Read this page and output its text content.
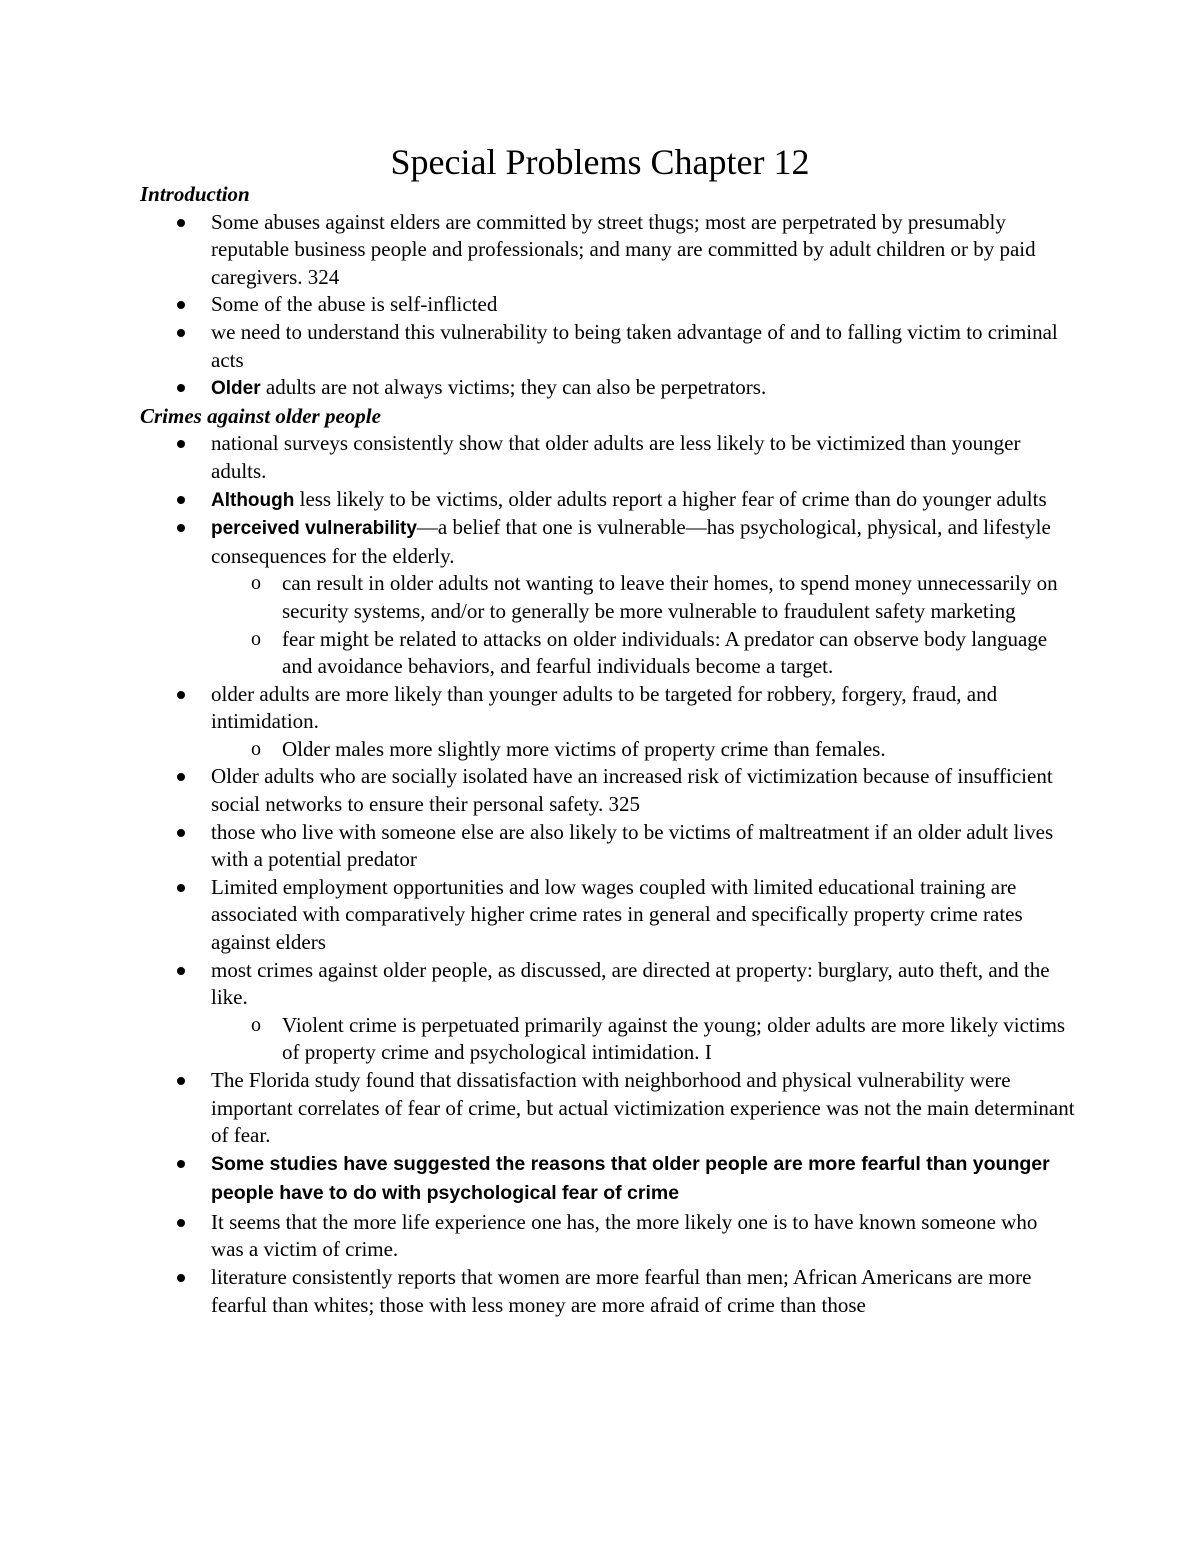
Special Problems Chapter 12

Introduction

Some abuses against elders are committed by street thugs; most are perpetrated by presumably reputable business people and professionals; and many are committed by adult children or by paid caregivers. 324
Some of the abuse is self-inflicted
we need to understand this vulnerability to being taken advantage of and to falling victim to criminal acts
Older adults are not always victims; they can also be perpetrators.

Crimes against older people

national surveys consistently show that older adults are less likely to be victimized than younger adults.
Although less likely to be victims, older adults report a higher fear of crime than do younger adults
perceived vulnerability—a belief that one is vulnerable—has psychological, physical, and lifestyle consequences for the elderly.
o can result in older adults not wanting to leave their homes, to spend money unnecessarily on security systems, and/or to generally be more vulnerable to fraudulent safety marketing
o fear might be related to attacks on older individuals: A predator can observe body language and avoidance behaviors, and fearful individuals become a target.
older adults are more likely than younger adults to be targeted for robbery, forgery, fraud, and intimidation.
o Older males more slightly more victims of property crime than females.
Older adults who are socially isolated have an increased risk of victimization because of insufficient social networks to ensure their personal safety. 325
those who live with someone else are also likely to be victims of maltreatment if an older adult lives with a potential predator
Limited employment opportunities and low wages coupled with limited educational training are associated with comparatively higher crime rates in general and specifically property crime rates against elders
most crimes against older people, as discussed, are directed at property: burglary, auto theft, and the like.
o Violent crime is perpetuated primarily against the young; older adults are more likely victims of property crime and psychological intimidation. I
The Florida study found that dissatisfaction with neighborhood and physical vulnerability were important correlates of fear of crime, but actual victimization experience was not the main determinant of fear.
Some studies have suggested the reasons that older people are more fearful than younger people have to do with psychological fear of crime
It seems that the more life experience one has, the more likely one is to have known someone who was a victim of crime.
literature consistently reports that women are more fearful than men; African Americans are more fearful than whites; those with less money are more afraid of crime than those
